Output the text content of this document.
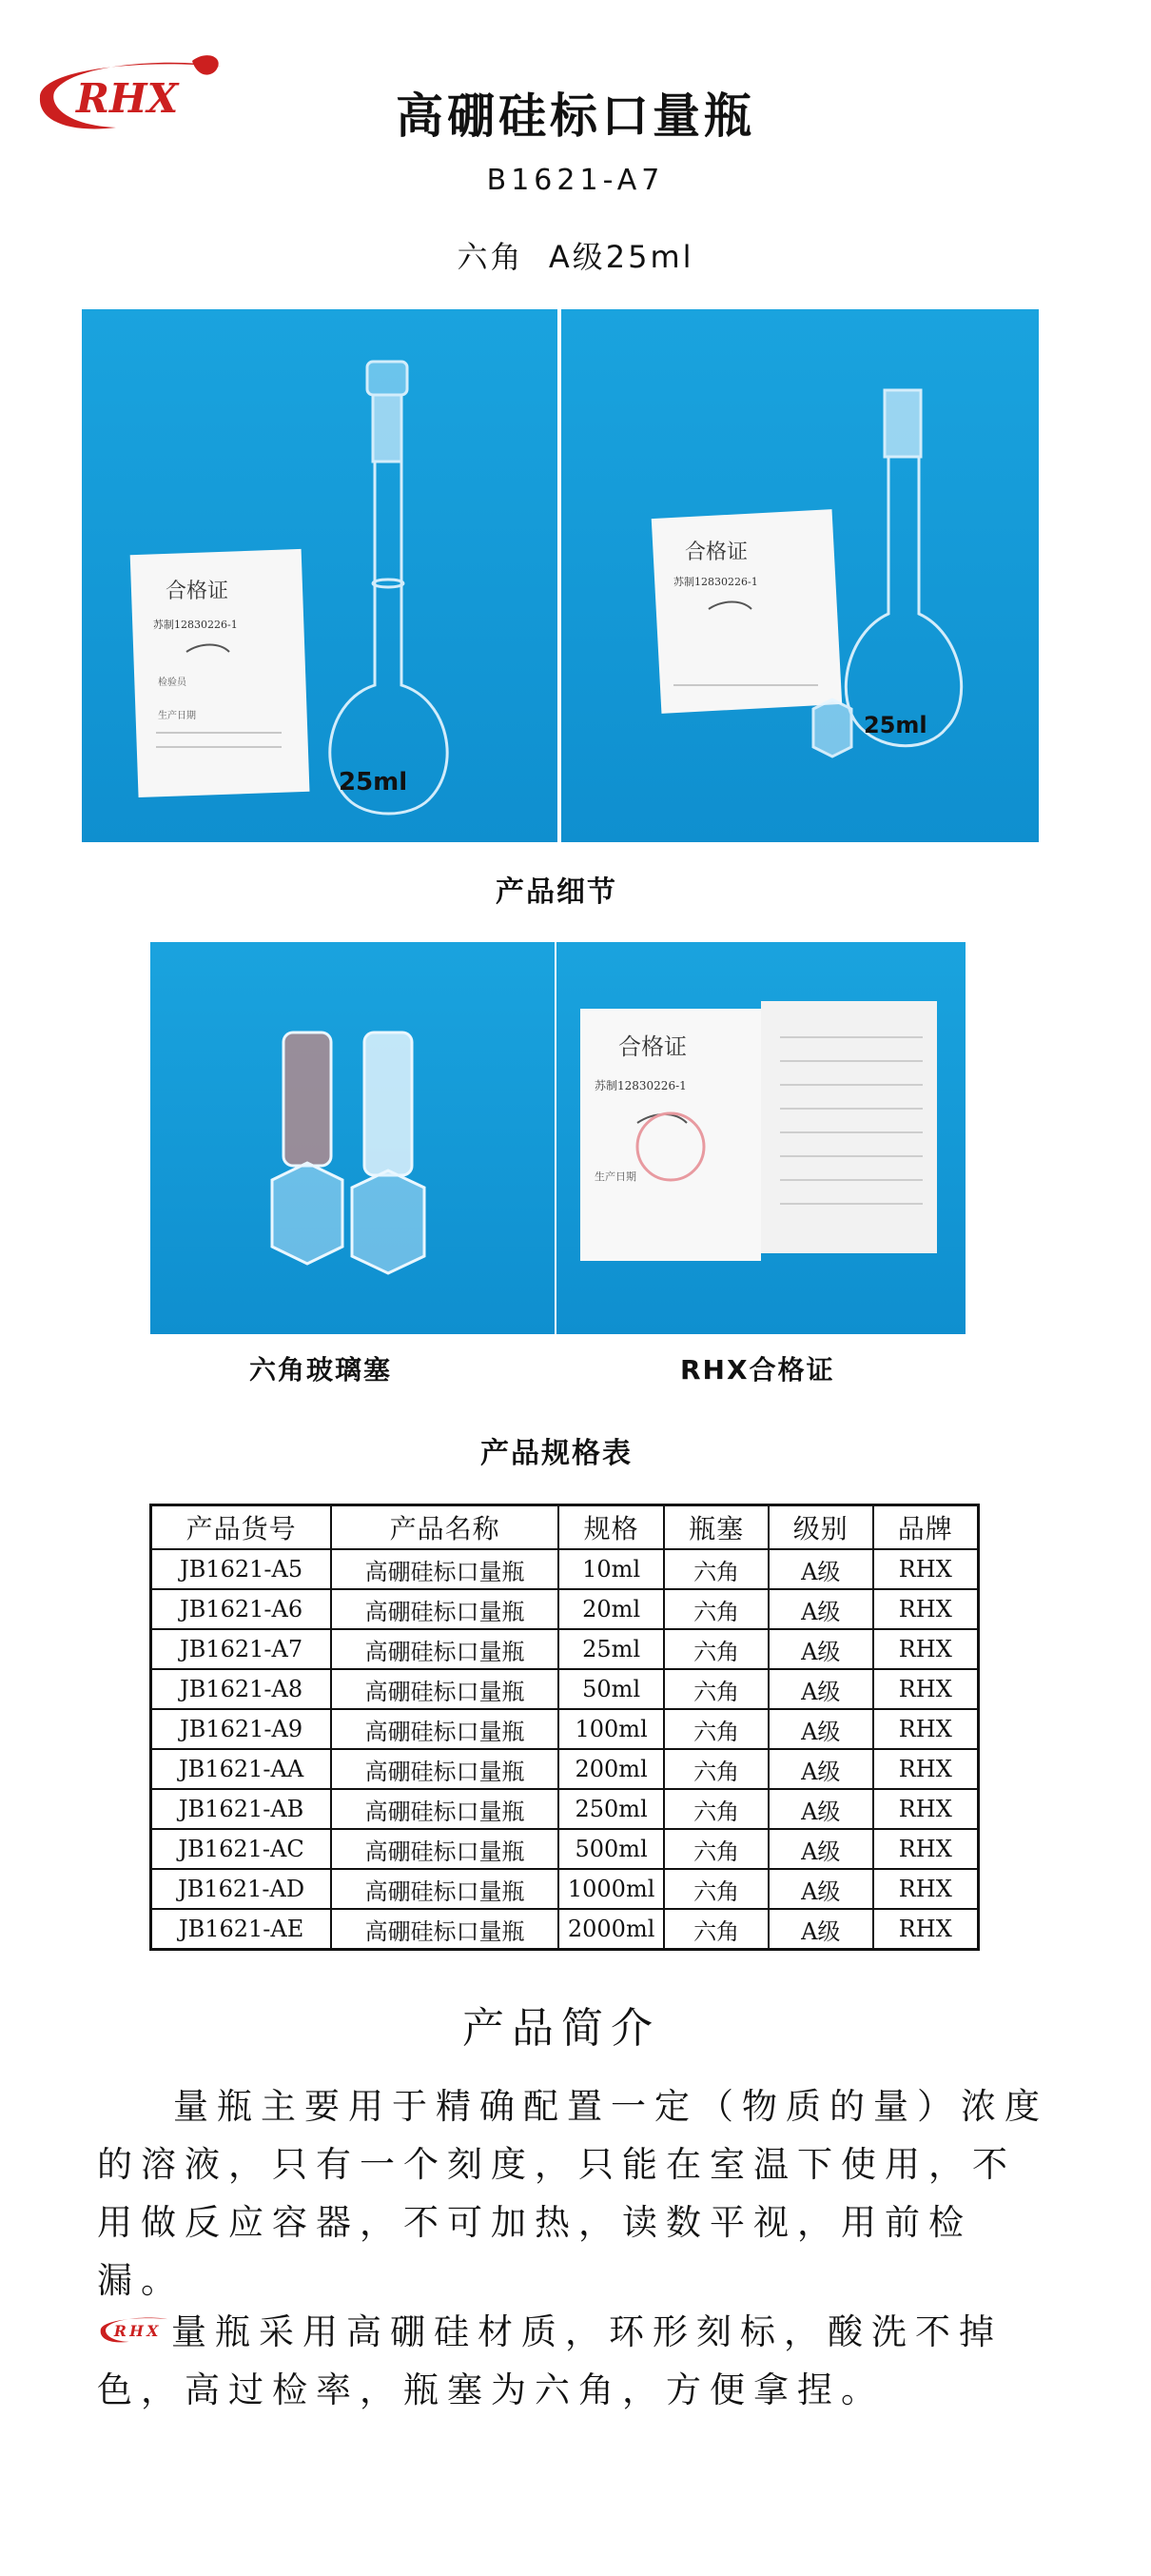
RHX	高硼硅标口量瓶
B1621-A7
六角  A级25ml
合格证
苏制12830226-1
检验员
生产日期
25ml
合格证
苏制12830226-1
25ml
产品细节
合格证
苏制12830226-1
生产日期
六角玻璃塞	RHX合格证
产品规格表
产品货号	产品名称	规格	瓶塞	级别	品牌
JB1621-A5	高硼硅标口量瓶	10ml	六角	A级	RHX
JB1621-A6	高硼硅标口量瓶	20ml	六角	A级	RHX
JB1621-A7	高硼硅标口量瓶	25ml	六角	A级	RHX
JB1621-A8	高硼硅标口量瓶	50ml	六角	A级	RHX
JB1621-A9	高硼硅标口量瓶	100ml	六角	A级	RHX
JB1621-AA	高硼硅标口量瓶	200ml	六角	A级	RHX
JB1621-AB	高硼硅标口量瓶	250ml	六角	A级	RHX
JB1621-AC	高硼硅标口量瓶	500ml	六角	A级	RHX
JB1621-AD	高硼硅标口量瓶	1000ml	六角	A级	RHX
JB1621-AE	高硼硅标口量瓶	2000ml	六角	A级	RHX
产品简介
量瓶主要用于精确配置一定（物质的量）浓度的溶液，只有一个刻度，只能在室温下使用，不用做反应容器，不可加热，读数平视，用前检漏。
RHX 量瓶采用高硼硅材质，环形刻标，酸洗不掉色，高过检率，瓶塞为六角，方便拿捏。
